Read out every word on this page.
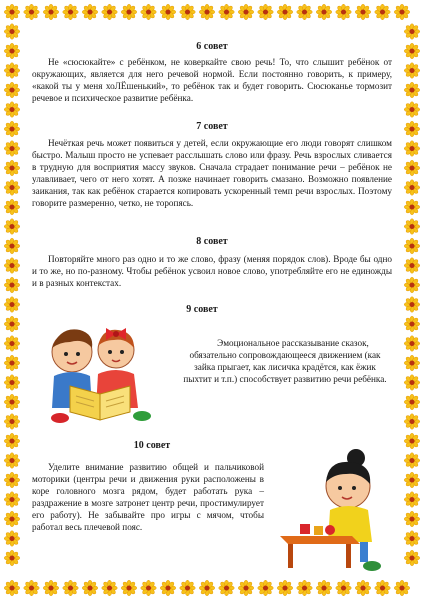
6 совет

Не «сюсюкайте» с ребёнком, не коверкайте свою речь! То, что слышит ребёнок от окружающих, является для него речевой нормой. Если постоянно говорить, к примеру, «какой ты у меня хоЛЁшенький», то ребёнок так и будет говорить. Сюсюканье тормозит речевое и психическое развитие ребёнка.

7 совет

Нечёткая речь может появиться у детей, если окружающие его люди говорят слишком быстро. Малыш просто не успевает расслышать слово или фразу. Речь взрослых сливается в трудную для восприятия массу звуков. Сначала страдает понимание речи – ребёнок не улавливает, чего от него хотят. А позже начинает говорить смазано. Возможно появление заикания, так как ребёнок старается копировать ускоренный темп речи взрослых. Поэтому говорите размеренно, четко, не торопясь.

8 совет

Повторяйте много раз одно и то же слово, фразу (меняя порядок слов). Вроде бы одно и то же, но по-разному. Чтобы ребёнок усвоил новое слово, употребляйте его не единожды и в разных контекстах.

9 совет

Эмоциональное рассказывание сказок, обязательно сопровождающееся движением (как зайка прыгает, как лисичка крадётся, как ёжик пыхтит и т.п.) способствует развитию речи ребёнка.

10 совет

Уделите внимание развитию общей и пальчиковой моторики (центры речи и движения руки расположены в коре головного мозга рядом, будет работать рука – раздражение в мозге затронет центр речи, простимулирует его работу). Не забывайте про игры с мячом, чтобы работал весь плечевой пояс.
